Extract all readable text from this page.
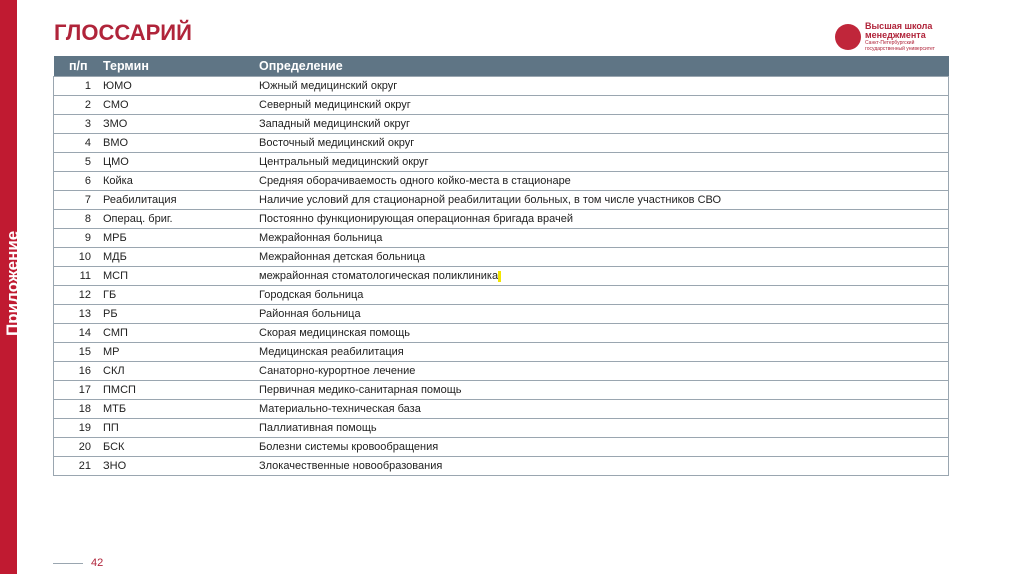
Приложение
ГЛОССАРИЙ	Высшая школа
менеджмента
Санкт-Петербургский
государственный университет
п/п	Термин	Определение
1	ЮМО	Южный медицинский округ
2	СМО	Северный медицинский округ
3	ЗМО	Западный медицинский округ
4	ВМО	Восточный медицинский округ
5	ЦМО	Центральный медицинский округ
6	Койка	Средняя оборачиваемость одного койко-места в стационаре
7	Реабилитация	Наличие условий для стационарной реабилитации больных, в том числе участников СВО
8	Операц. бриг.	Постоянно функционирующая операционная бригада врачей
9	МРБ	Межрайонная больница
10	МДБ	Межрайонная детская больница
11	МСП	межрайонная стоматологическая поликлиника
12	ГБ	Городская больница
13	РБ	Районная больница
14	СМП	Скорая медицинская помощь
15	МР	Медицинская реабилитация
16	СКЛ	Санаторно-курортное лечение
17	ПМСП	Первичная медико-санитарная помощь
18	МТБ	Материально-техническая база
19	ПП	Паллиативная помощь
20	БСК	Болезни системы кровообращения
21	ЗНО	Злокачественные новообразования
42
